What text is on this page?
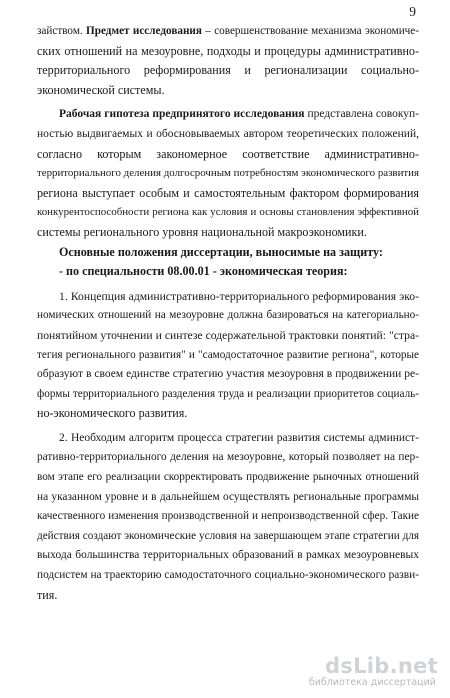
9
зайством. Предмет исследования – совершенствование механизма экономиче-
ских отношений на мезоуровне, подходы и процедуры административно-
территориального реформирования и регионализации социально-
экономической системы.
Рабочая гипотеза предпринятого исследования представлена совокуп-
ностью выдвигаемых и обосновываемых автором теоретических положений,
согласно которым закономерное соответствие административно-
территориального деления долгосрочным потребностям экономического развития
региона выступает особым и самостоятельным фактором формирования
конкурентоспособности региона как условия и основы становления эффективной
системы регионального уровня национальной макроэкономики.
Основные положения диссертации, выносимые на защиту:
- по специальности 08.00.01 - экономическая теория:
1. Концепция административно-территориального реформирования эко-
номических отношений на мезоуровне должна базироваться на категориально-
понятийном уточнении и синтезе содержательной трактовки понятий: "стра-
тегия регионального развития" и "самодостаточное развитие региона", которые
образуют в своем единстве стратегию участия мезоуровня в продвижении ре-
формы территориального разделения труда и реализации приоритетов социаль-
но-экономического развития.
2. Необходим алгоритм процесса стратегии развития системы админист-
ративно-территориального деления на мезоуровне, который позволяет на пер-
вом этапе его реализации скорректировать продвижение рыночных отношений
на указанном уровне и в дальнейшем осуществлять региональные программы
качественного изменения производственной и непроизводственной сфер. Такие
действия создают экономические условия на завершающем этапе стратегии для
выхода большинства территориальных образований в рамках мезоуровневых
подсистем на траекторию самодостаточного социально-экономического разви-
тия.
dsLib.net
библиотека диссертаций
